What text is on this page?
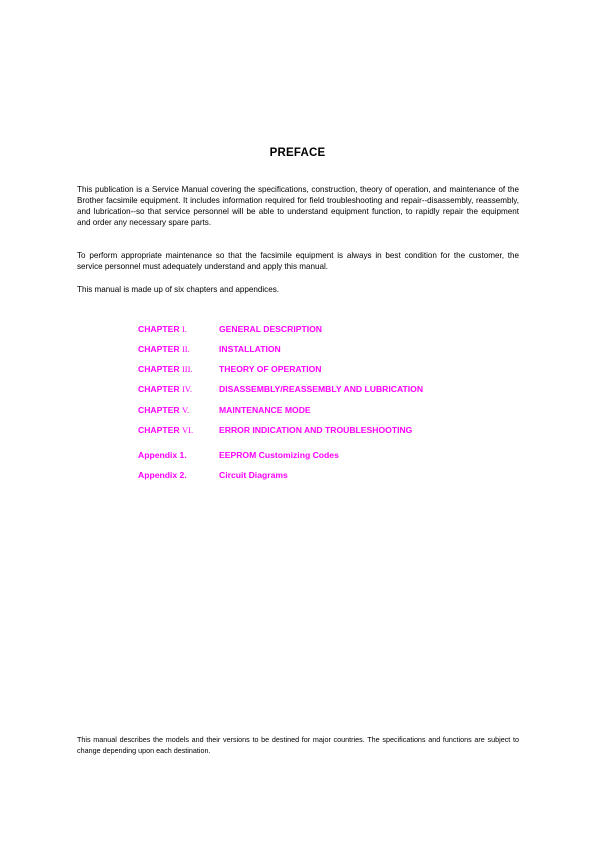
PREFACE

This publication is a Service Manual covering the specifications, construction, theory of operation, and maintenance of the Brother facsimile equipment. It includes information required for field troubleshooting and repair--disassembly, reassembly, and lubrication--so that service personnel will be able to understand equipment function, to rapidly repair the equipment and order any necessary spare parts.

To perform appropriate maintenance so that the facsimile equipment is always in best condition for the customer, the service personnel must adequately understand and apply this manual.

This manual is made up of six chapters and appendices.

CHAPTER I.	GENERAL DESCRIPTION
CHAPTER II.	INSTALLATION
CHAPTER III.	THEORY OF OPERATION
CHAPTER IV.	DISASSEMBLY/REASSEMBLY AND LUBRICATION
CHAPTER V.	MAINTENANCE MODE
CHAPTER VI.	ERROR INDICATION AND TROUBLESHOOTING
Appendix 1.	EEPROM Customizing Codes
Appendix 2.	Circuit Diagrams

This manual describes the models and their versions to be destined for major countries. The specifications and functions are subject to change depending upon each destination.
